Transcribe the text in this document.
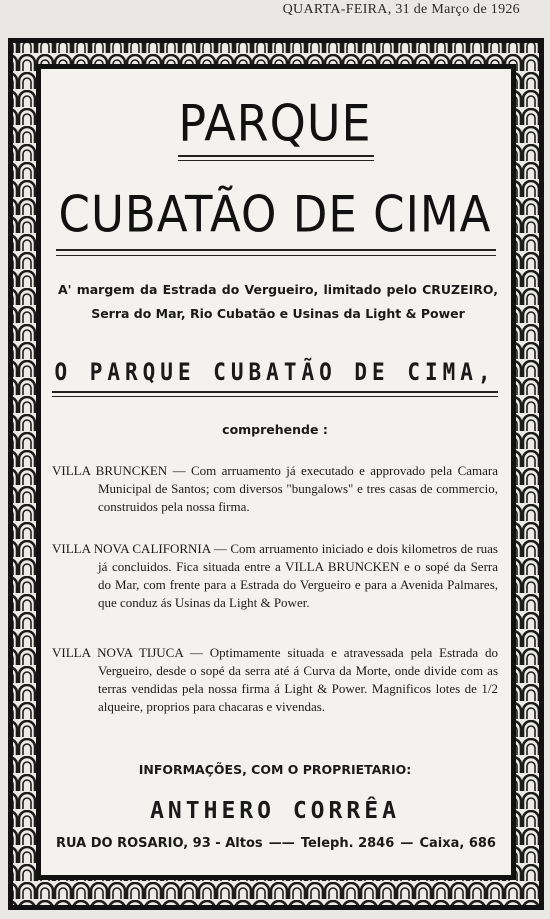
QUARTA-FEIRA, 31 de Março de 1926
PARQUE
CUBATÃO DE CIMA
A' margem da Estrada do Vergueiro, limitado pelo CRUZEIRO, Serra do Mar, Rio Cubatão e Usinas da Light & Power
O PARQUE CUBATÃO DE CIMA,
comprehende :
VILLA BRUNCKEN — Com arruamento já executado e approvado pela Camara Municipal de Santos; com diversos "bungalows" e tres casas de commercio, construidos pela nossa firma.
VILLA NOVA CALIFORNIA — Com arruamento iniciado e dois kilometros de ruas já concluidos. Fica situada entre a VILLA BRUNCKEN e o sopé da Serra do Mar, com frente para a Estrada do Vergueiro e para a Avenida Palmares, que conduz ás Usinas da Light & Power.
VILLA NOVA TIJUCA — Optimamente situada e atravessada pela Estrada do Vergueiro, desde o sopé da serra até á Curva da Morte, onde divide com as terras vendidas pela nossa firma á Light & Power. Magnificos lotes de 1/2 alqueire, proprios para chacaras e vivendas.
INFORMAÇÕES, COM O PROPRIETARIO:
ANTHERO CORRÊA
RUA DO ROSARIO, 93 - Altos —— Teleph. 2846 — Caixa, 686
